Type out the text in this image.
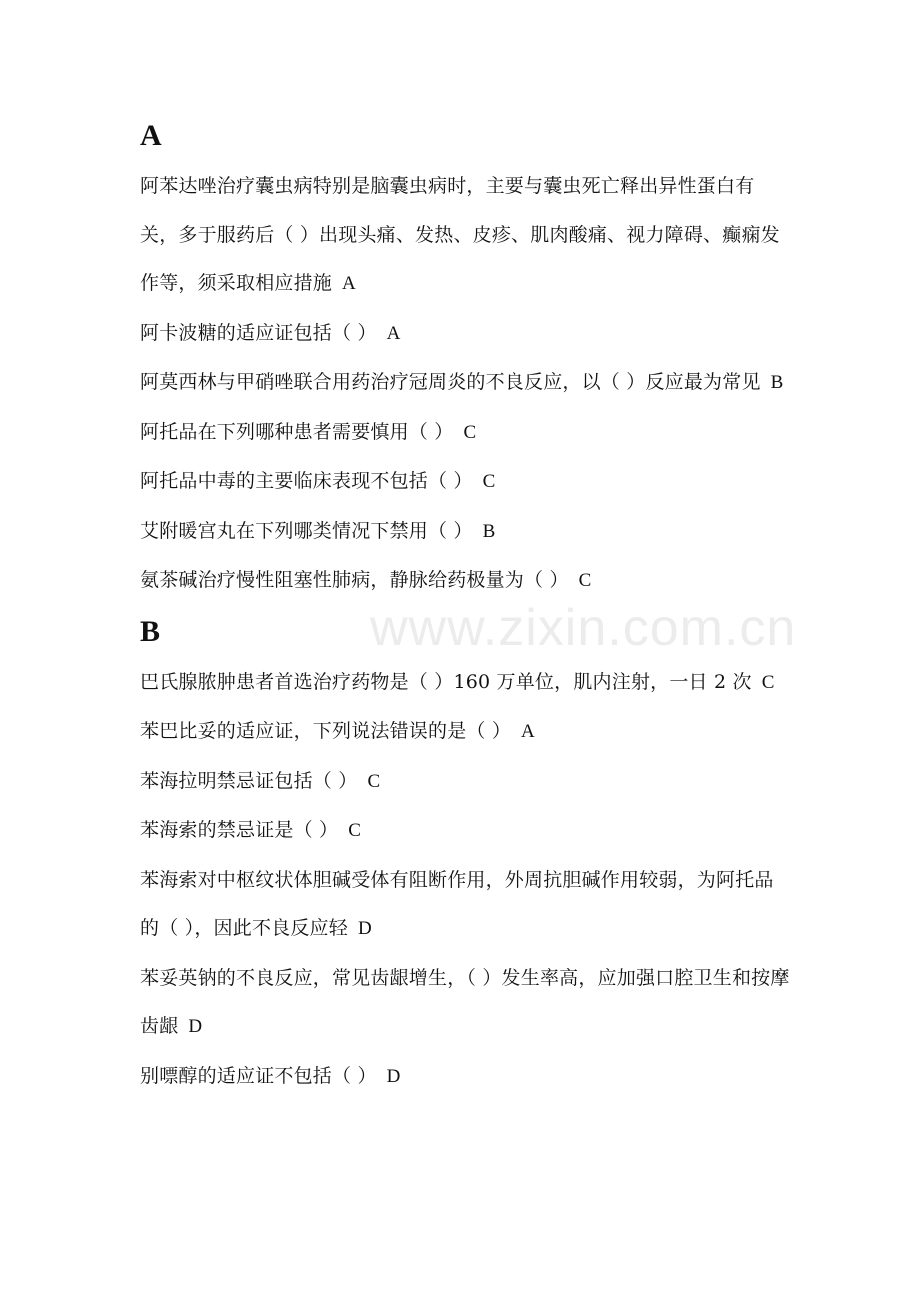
A

阿苯达唑治疗囊虫病特别是脑囊虫病时，主要与囊虫死亡释出异性蛋白有关，多于服药后（ ）出现头痛、发热、皮疹、肌肉酸痛、视力障碍、癫痫发作等，须采取相应措施 A

阿卡波糖的适应证包括（ ） A

阿莫西林与甲硝唑联合用药治疗冠周炎的不良反应，以（ ）反应最为常见 B

阿托品在下列哪种患者需要慎用（ ） C

阿托品中毒的主要临床表现不包括（ ） C

艾附暖宫丸在下列哪类情况下禁用（ ） B

氨茶碱治疗慢性阻塞性肺病，静脉给药极量为（ ） C

B

巴氏腺脓肿患者首选治疗药物是（ ）160 万单位，肌内注射，一日 2 次 C

苯巴比妥的适应证，下列说法错误的是（ ） A

苯海拉明禁忌证包括（ ） C

苯海索的禁忌证是（ ） C

苯海索对中枢纹状体胆碱受体有阻断作用，外周抗胆碱作用较弱，为阿托品的（ ），因此不良反应轻 D

苯妥英钠的不良反应，常见齿龈增生，（ ）发生率高，应加强口腔卫生和按摩齿龈 D

别嘌醇的适应证不包括（ ） D

www.zixin.com.cn
